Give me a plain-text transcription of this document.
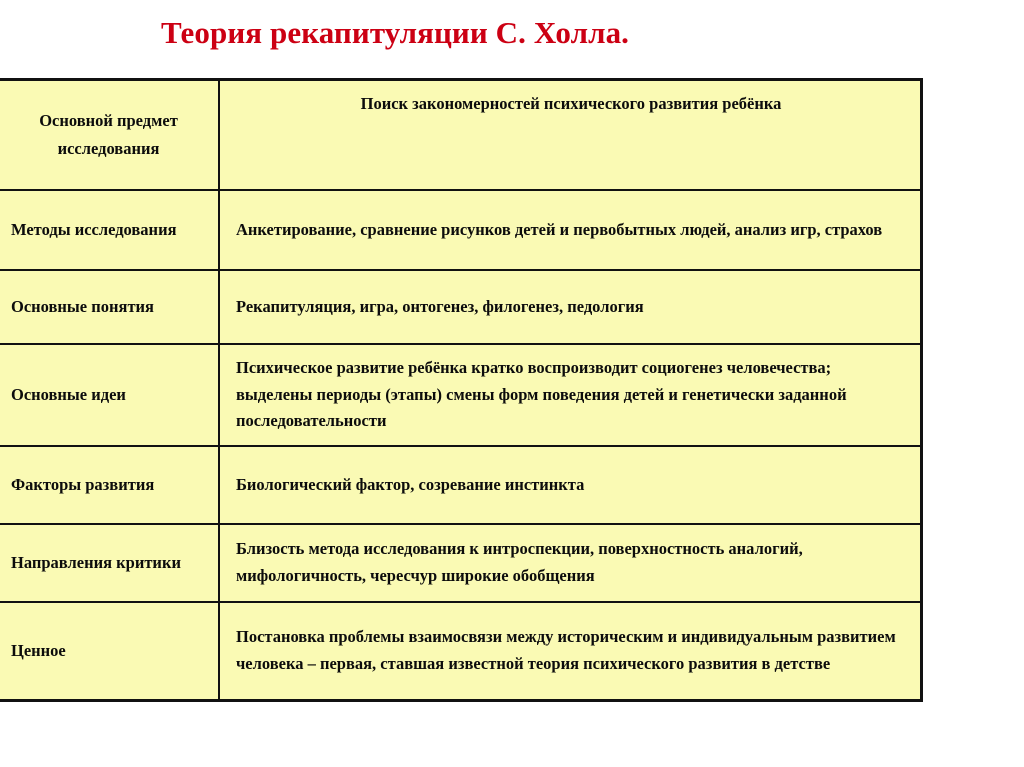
Теория рекапитуляции С. Холла.
Основной предмет исследования	Поиск закономерностей психического развития ребёнка
Методы исследования	Анкетирование, сравнение рисунков детей и первобытных людей, анализ игр, страхов
Основные понятия	Рекапитуляция, игра, онтогенез, филогенез, педология
Основные идеи	Психическое развитие ребёнка кратко воспроизводит социогенез человечества; выделены периоды (этапы) смены форм поведения детей и генетически заданной последовательности
Факторы развития	Биологический фактор, созревание инстинкта
Направления критики	Близость метода исследования к интроспекции, поверхностность аналогий, мифологичность, чересчур широкие обобщения
Ценное	Постановка проблемы взаимосвязи между историческим и индивидуальным развитием человека – первая, ставшая известной теория психического развития в детстве
